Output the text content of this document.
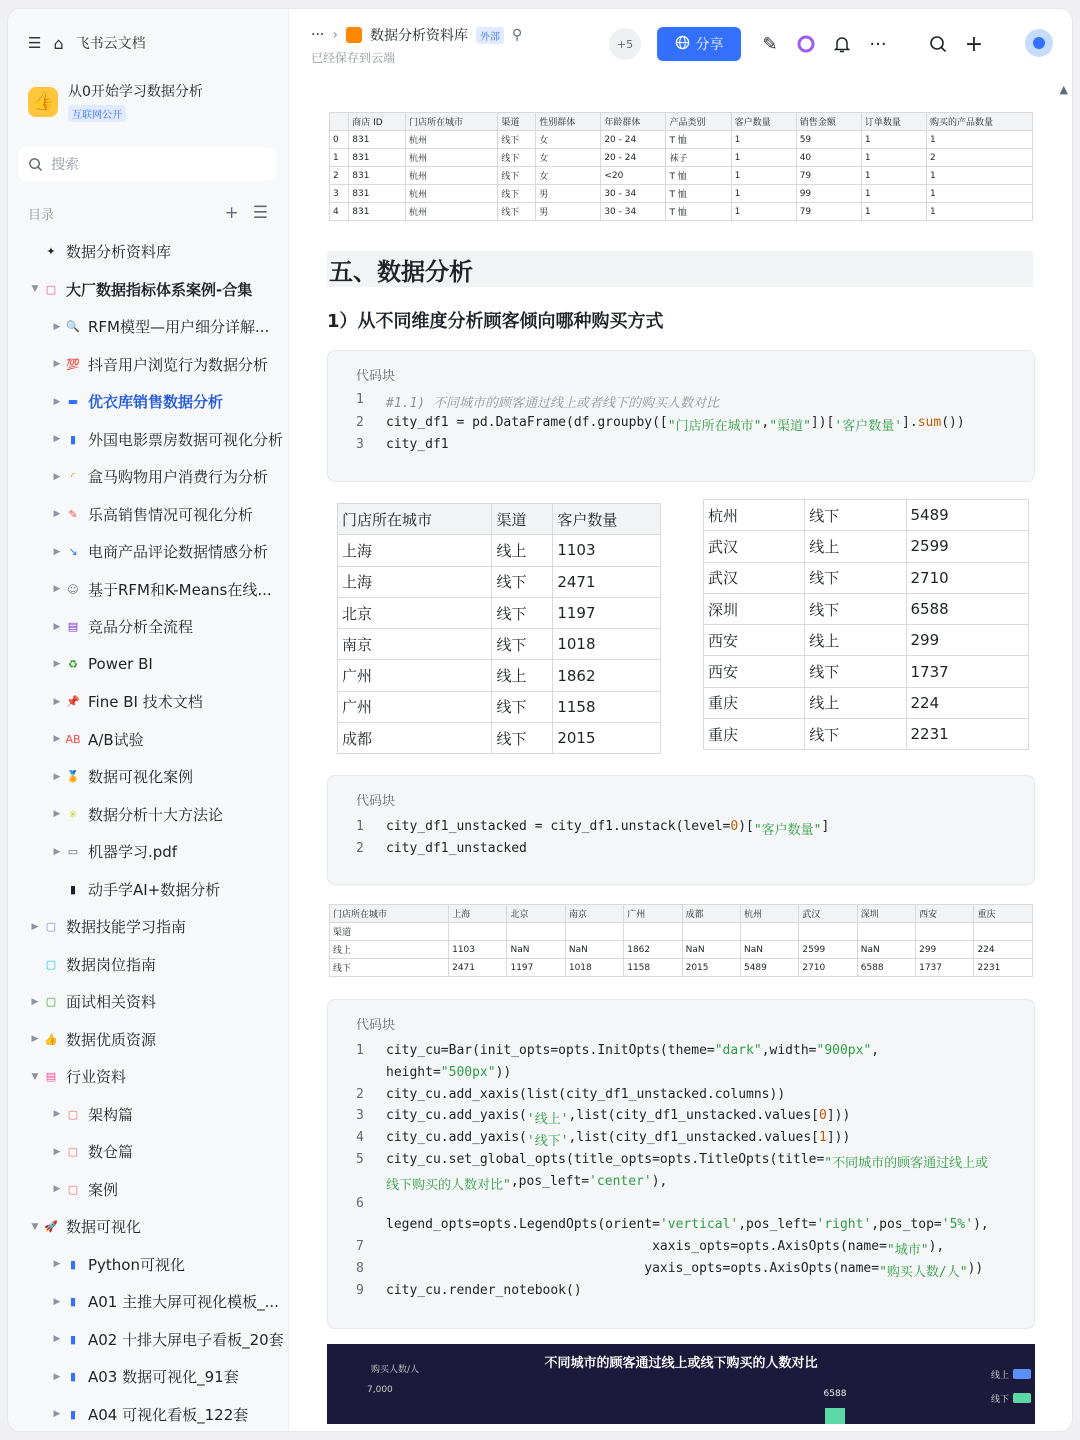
☰ ⌂ 飞书云文档
👍 从0开始学习数据分析
互联网公开
搜索
目录	+ ☰
✦ 数据分析资料库
▼ ▢ 大厂数据指标体系案例-合集
▶ 🔍 RFM模型—用户细分详解...
▶ 💯 抖音用户浏览行为数据分析
▶ ▬ 优衣库销售数据分析
▶ ▮ 外国电影票房数据可视化分析
▶ ◜ 盒马购物用户消费行为分析
▶ ✎ 乐高销售情况可视化分析
▶ ↘ 电商产品评论数据情感分析
▶ ☺ 基于RFM和K-Means在线...
▶ ▤ 竞品分析全流程
▶ ♻ Power BI
▶ 📌 Fine BI 技术文档
▶ AB A/B试验
▶ 🏅 数据可视化案例
▶ ✳ 数据分析十大方法论
▶ ▭ 机器学习.pdf
▮ 动手学AI+数据分析
▶ ▢ 数据技能学习指南
▢ 数据岗位指南
▶ ▢ 面试相关资料
▶ 👍 数据优质资源
▼ ▤ 行业资料
▶ ▢ 架构篇
▶ ▢ 数仓篇
▶ ▢ 案例
▼ 🚀 数据可视化
▶ ▮ Python可视化
▶ ▮ A01 主推大屏可视化模板_...
▶ ▮ A02 十排大屏电子看板_20套
▶ ▮ A03 数据可视化_91套
▶ ▮ A04 可视化看板_122套
··· › 数据分析资料库	外部 ⚲
已经保存到云端
+5	分享 ✎	···	+
▲
	商店 ID	门店所在城市	渠道	性别群体	年龄群体	产品类别	客户数量	销售金额	订单数量	购买的产品数量
0	831	杭州	线下	女	20 - 24	T 恤	1	59	1	1
1	831	杭州	线下	女	20 - 24	袜子	1	40	1	2
2	831	杭州	线下	女	<20	T 恤	1	79	1	1
3	831	杭州	线下	男	30 - 34	T 恤	1	99	1	1
4	831	杭州	线下	男	30 - 34	T 恤	1	79	1	1
五、数据分析
1）从不同维度分析顾客倾向哪种购买方式
代码块
1	#1.1) 不同城市的顾客通过线上或者线下的购买人数对比
2	city_df1 = pd.DataFrame(df.groupby([ "门店所在城市" , "渠道" ])[ '客户数量' ]. sum ())
3	city_df1
门店所在城市	渠道	客户数量
上海	线上	1103
上海	线下	2471
北京	线下	1197
南京	线下	1018
广州	线上	1862
广州	线下	1158
成都	线下	2015
杭州	线下	5489
武汉	线上	2599
武汉	线下	2710
深圳	线下	6588
西安	线上	299
西安	线下	1737
重庆	线上	224
重庆	线下	2231
代码块
1	city_df1_unstacked = city_df1.unstack(level= 0 )[ "客户数量" ]
2	city_df1_unstacked
门店所在城市	上海	北京	南京	广州	成都	杭州	武汉	深圳	西安	重庆
渠道										
线上	1103	NaN	NaN	1862	NaN	NaN	2599	NaN	299	224
线下	2471	1197	1018	1158	2015	5489	2710	6588	1737	2231
代码块
1	city_cu=Bar(init_opts=opts.InitOpts(theme= "dark" ,width= "900px" ,
height= "500px" ))
2	city_cu.add_xaxis(list(city_df1_unstacked.columns))
3	city_cu.add_yaxis( '线上' ,list(city_df1_unstacked.values[ 0 ]))
4	city_cu.add_yaxis( '线下' ,list(city_df1_unstacked.values[ 1 ]))
5	city_cu.set_global_opts(title_opts=opts.TitleOpts(title= "不同城市的顾客通过线上或
线下购买的人数对比" ,pos_left= 'center' ),
6
legend_opts=opts.LegendOpts(orient= 'vertical' ,pos_left= 'right' ,pos_top= '5%' ),
7	xaxis_opts=opts.AxisOpts(name= "城市" ),
8	yaxis_opts=opts.AxisOpts(name= "购买人数/人" ))
9	city_cu.render_notebook()
不同城市的顾客通过线上或线下购买的人数对比
购买人数/人
7,000	6588
线上
线下
